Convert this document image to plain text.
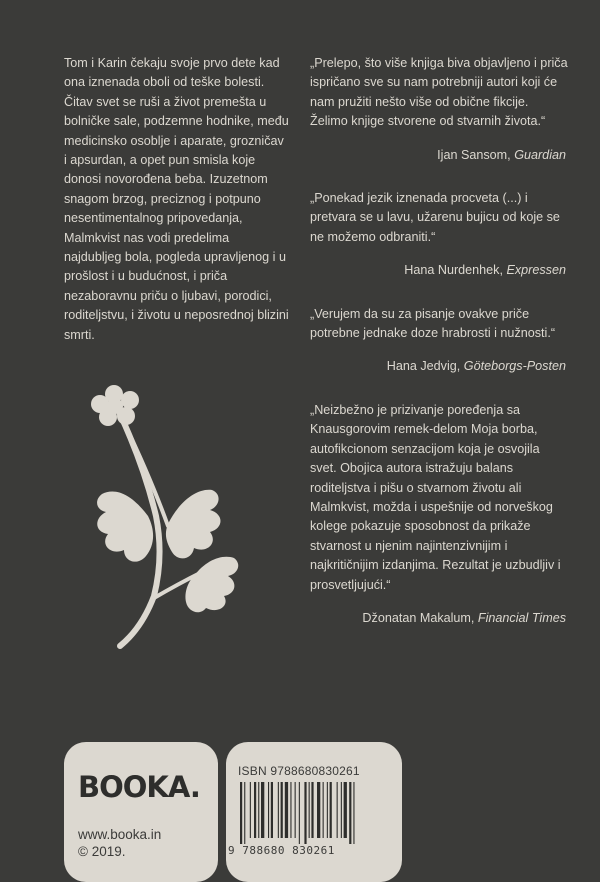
Tom i Karin čekaju svoje prvo dete kad ona iznenada oboli od teške bolesti. Čitav svet se ruši a život premešta u bolničke sale, podzemne hodnike, među medicinsko osoblje i aparate, grozničav i apsurdan, a opet pun smisla koje donosi novorođena beba. Izuzetnom snagom brzog, preciznog i potpuno nesentimentalnog pripovedanja, Malmkvist nas vodi predelima najdubljeg bola, pogleda upravljenog i u prošlost i u budućnost, i priča nezaboravnu priču o ljubavi, porodici, roditeljstvu, i životu u neposrednoj blizini smrti.

„Prelepo, što više knjiga biva objavljeno i priča ispričano sve su nam potrebniji autori koji će nam pružiti nešto više od obične fikcije. Želimo knjige stvorene od stvarnih života.“

Ijan Sansom, Guardian

„Ponekad jezik iznenada procveta (...) i pretvara se u lavu, užarenu bujicu od koje se ne možemo odbraniti.“

Hana Nurdenhek, Expressen

„Verujem da su za pisanje ovakve priče potrebne jednake doze hrabrosti i nužnosti.“

Hana Jedvig, Göteborgs-Posten

„Neizbežno je prizivanje poređenja sa Knausgorovim remek-delom Moja borba, autofikcionom senzacijom koja je osvojila svet. Obojica autora istražuju balans roditeljstva i pišu o stvarnom životu ali Malmkvist, možda i uspešnije od norveškog kolege pokazuje sposobnost da prikaže stvarnost u njenim najintenzivnijim i najkritičnijim izdanjima. Rezultat je uzbudljiv i prosvetljujući.“

Džonatan Makalum, Financial Times
BOOKA.
www.booka.in
© 2019.
ISBN 9788680830261
9 788680 830261
